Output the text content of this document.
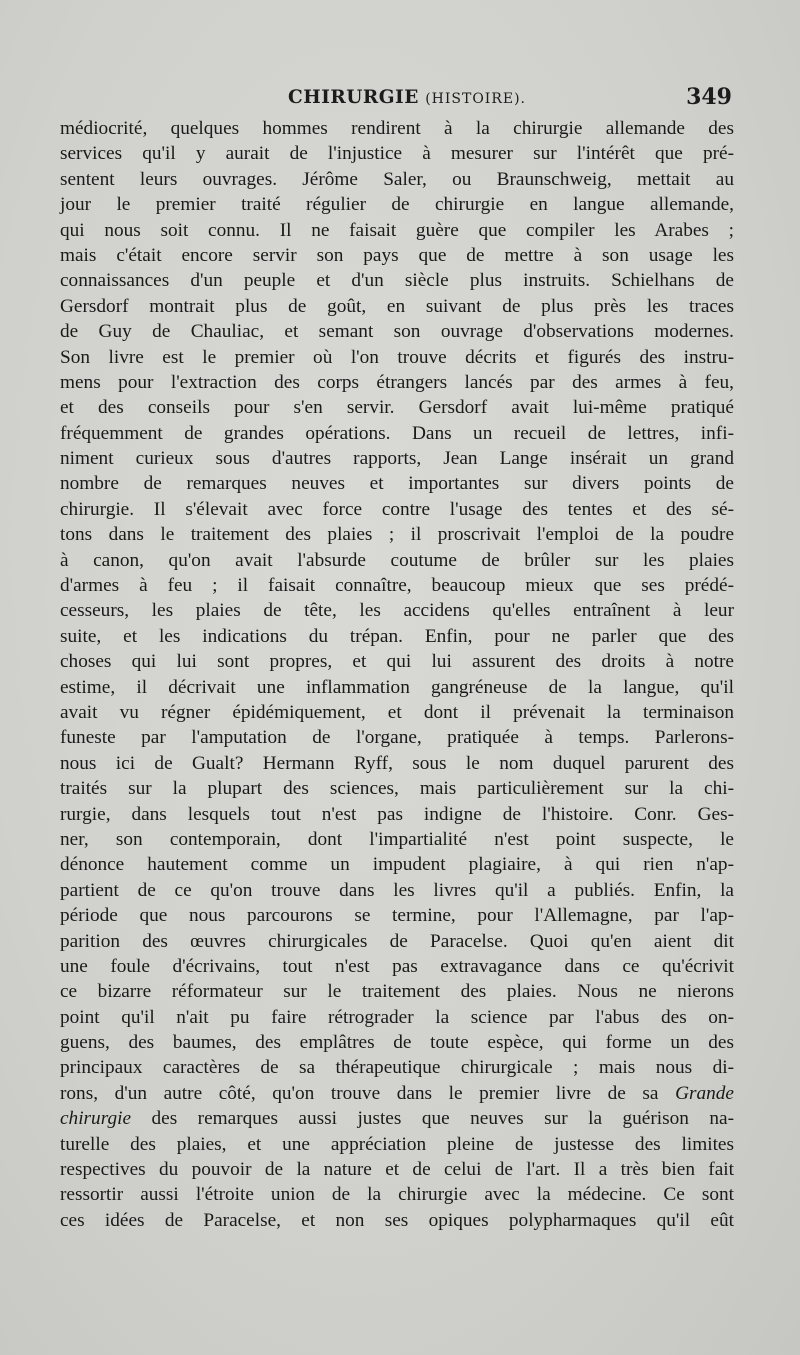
CHIRURGIE (HISTOIRE).	349
médiocrité, quelques hommes rendirent à la chirurgie allemande des
services qu'il y aurait de l'injustice à mesurer sur l'intérêt que pré-
sentent leurs ouvrages. Jérôme Saler, ou Braunschweig, mettait au
jour le premier traité régulier de chirurgie en langue allemande,
qui nous soit connu. Il ne faisait guère que compiler les Arabes ;
mais c'était encore servir son pays que de mettre à son usage les
connaissances d'un peuple et d'un siècle plus instruits. Schielhans de
Gersdorf montrait plus de goût, en suivant de plus près les traces
de Guy de Chauliac, et semant son ouvrage d'observations modernes.
Son livre est le premier où l'on trouve décrits et figurés des instru-
mens pour l'extraction des corps étrangers lancés par des armes à feu,
et des conseils pour s'en servir. Gersdorf avait lui-même pratiqué
fréquemment de grandes opérations. Dans un recueil de lettres, infi-
niment curieux sous d'autres rapports, Jean Lange insérait un grand
nombre de remarques neuves et importantes sur divers points de
chirurgie. Il s'élevait avec force contre l'usage des tentes et des sé-
tons dans le traitement des plaies ; il proscrivait l'emploi de la poudre
à canon, qu'on avait l'absurde coutume de brûler sur les plaies
d'armes à feu ; il faisait connaître, beaucoup mieux que ses prédé-
cesseurs, les plaies de tête, les accidens qu'elles entraînent à leur
suite, et les indications du trépan. Enfin, pour ne parler que des
choses qui lui sont propres, et qui lui assurent des droits à notre
estime, il décrivait une inflammation gangréneuse de la langue, qu'il
avait vu régner épidémiquement, et dont il prévenait la terminaison
funeste par l'amputation de l'organe, pratiquée à temps. Parlerons-
nous ici de Gualt? Hermann Ryff, sous le nom duquel parurent des
traités sur la plupart des sciences, mais particulièrement sur la chi-
rurgie, dans lesquels tout n'est pas indigne de l'histoire. Conr. Ges-
ner, son contemporain, dont l'impartialité n'est point suspecte, le
dénonce hautement comme un impudent plagiaire, à qui rien n'ap-
partient de ce qu'on trouve dans les livres qu'il a publiés. Enfin, la
période que nous parcourons se termine, pour l'Allemagne, par l'ap-
parition des œuvres chirurgicales de Paracelse. Quoi qu'en aient dit
une foule d'écrivains, tout n'est pas extravagance dans ce qu'écrivit
ce bizarre réformateur sur le traitement des plaies. Nous ne nierons
point qu'il n'ait pu faire rétrograder la science par l'abus des on-
guens, des baumes, des emplâtres de toute espèce, qui forme un des
principaux caractères de sa thérapeutique chirurgicale ; mais nous di-
rons, d'un autre côté, qu'on trouve dans le premier livre de sa Grande
chirurgie des remarques aussi justes que neuves sur la guérison na-
turelle des plaies, et une appréciation pleine de justesse des limites
respectives du pouvoir de la nature et de celui de l'art. Il a très bien fait
ressortir aussi l'étroite union de la chirurgie avec la médecine. Ce sont
ces idées de Paracelse, et non ses opiques polypharmaques qu'il eût
